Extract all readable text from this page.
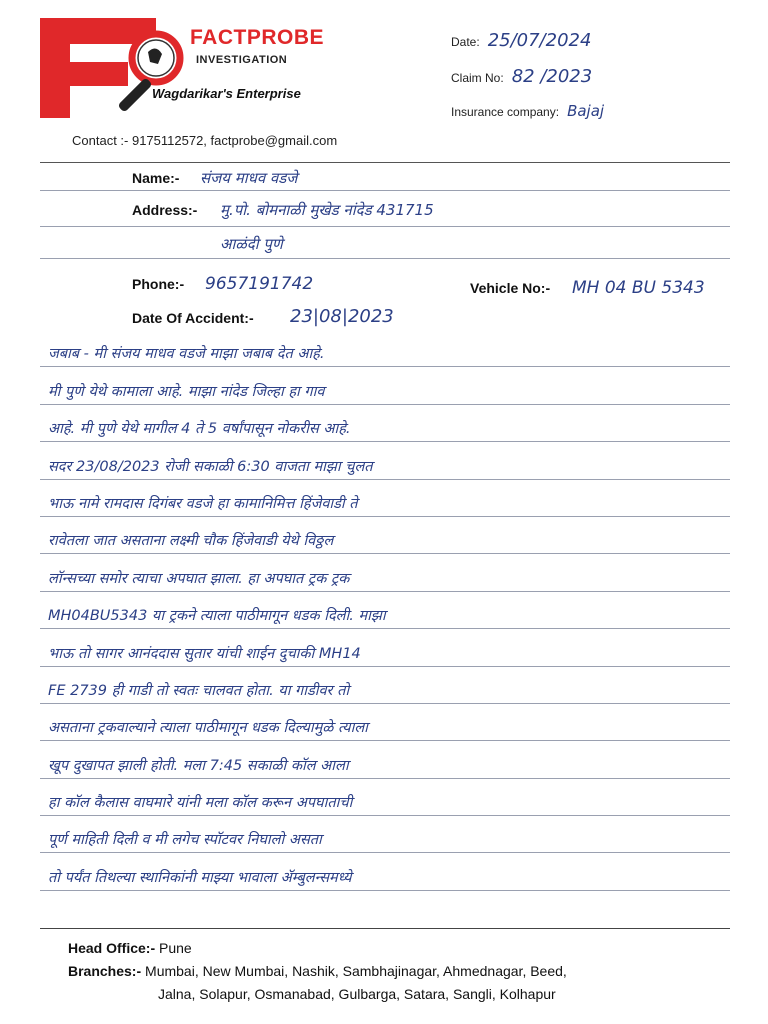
FACTPROBE
INVESTIGATION
Wagdarikar's Enterprise
Contact :- 9175112572, factprobe@gmail.com
Date: 25/07/2024
Claim No: 82 /2023
Insurance company: Bajaj
Name:- संजय माधव वडजे
Address:- मु.पो. बोमनाळी मुखेड नांदेड 431715
आळंदी पुणे
Phone:- 9657191742	Vehicle No:- MH 04 BU 5343
Date Of Accident:- 23|08|2023
जबाब - मी संजय माधव वडजे माझा जबाब देत आहे.
मी पुणे येथे कामाला आहे. माझा नांदेड जिल्हा हा गाव
आहे. मी पुणे येथे मागील 4 ते 5 वर्षांपासून नोकरीस आहे.
सदर 23/08/2023 रोजी सकाळी 6:30 वाजता माझा चुलत
भाऊ नामे रामदास दिगंबर वडजे हा कामानिमित्त हिंजेवाडी ते
रावेतला जात असताना लक्ष्मी चौक हिंजेवाडी येथे विठ्ठल
लॉन्सच्या समोर त्याचा अपघात झाला. हा अपघात ट्रक ट्रक
MH04BU5343 या ट्रकने त्याला पाठीमागून धडक दिली. माझा
भाऊ तो सागर आनंददास सुतार यांची शाईन दुचाकी MH14
FE 2739 ही गाडी तो स्वतः चालवत होता. या गाडीवर तो
असताना ट्रकवाल्याने त्याला पाठीमागून धडक दिल्यामुळे त्याला
खूप दुखापत झाली होती. मला 7:45 सकाळी कॉल आला
हा कॉल कैलास वाघमारे यांनी मला कॉल करून अपघाताची
पूर्ण माहिती दिली व मी लगेच स्पॉटवर निघालो असता
तो पर्यंत तिथल्या स्थानिकांनी माझ्या भावाला ॲम्बुलन्समध्ये
Head Office:- Pune
Branches:- Mumbai, New Mumbai, Nashik, Sambhajinagar, Ahmednagar, Beed,
Jalna, Solapur, Osmanabad, Gulbarga, Satara, Sangli, Kolhapur
